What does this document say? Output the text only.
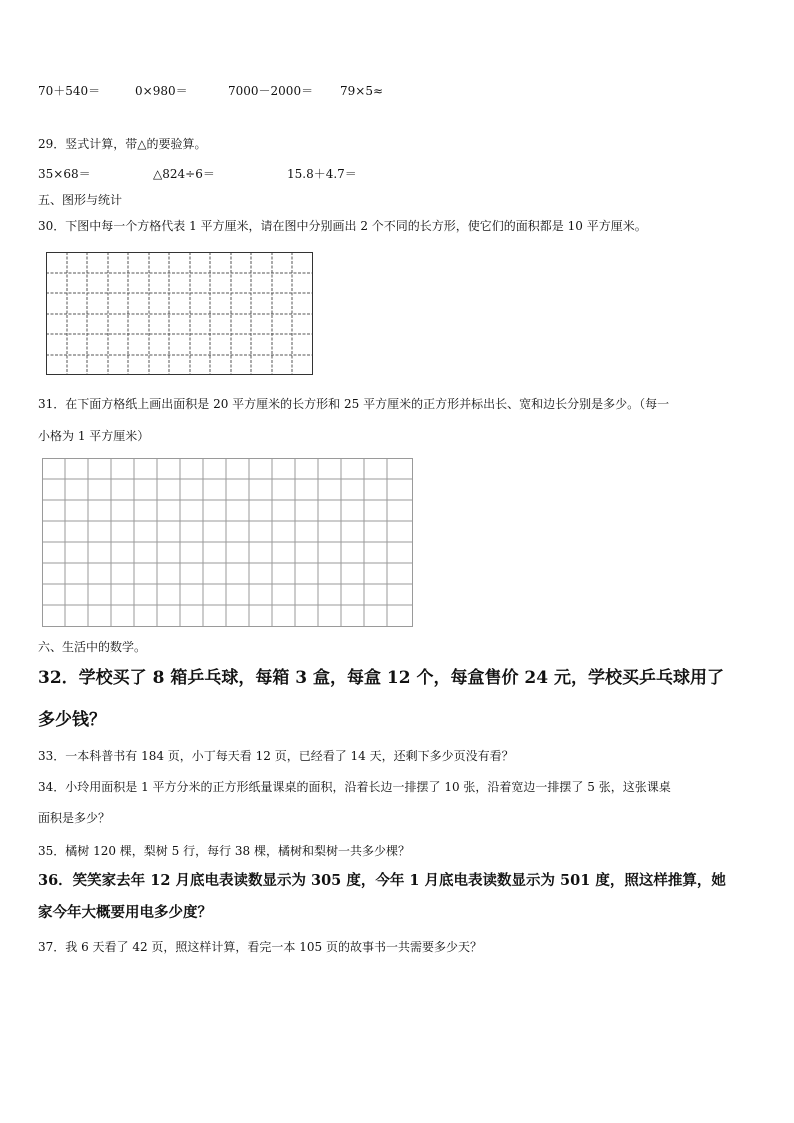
70＋540＝	0×980＝	7000－2000＝ 79×5≈
29．竖式计算，带△的要验算。
35×68＝	△824÷6＝	15.8＋4.7＝
五、图形与统计
30．下图中每一个方格代表 1 平方厘米，请在图中分别画出 2 个不同的长方形，使它们的面积都是 10 平方厘米。
31．在下面方格纸上画出面积是 20 平方厘米的长方形和 25 平方厘米的正方形并标出长、宽和边长分别是多少。（每一
小格为 1 平方厘米）
六、生活中的数学。
32．学校买了 8 箱乒乓球，每箱 3 盒，每盒 12 个，每盒售价 24 元，学校买乒乓球用了
多少钱？
33．一本科普书有 184 页，小丁每天看 12 页，已经看了 14 天，还剩下多少页没有看？
34．小玲用面积是 1 平方分米的正方形纸量课桌的面积，沿着长边一排摆了 10 张，沿着宽边一排摆了 5 张，这张课桌
面积是多少？
35．橘树 120 棵，梨树 5 行，每行 38 棵，橘树和梨树一共多少棵？
36．笑笑家去年 12 月底电表读数显示为 305 度，今年 1 月底电表读数显示为 501 度，照这样推算，她
家今年大概要用电多少度？
37．我 6 天看了 42 页，照这样计算，看完一本 105 页的故事书一共需要多少天？
